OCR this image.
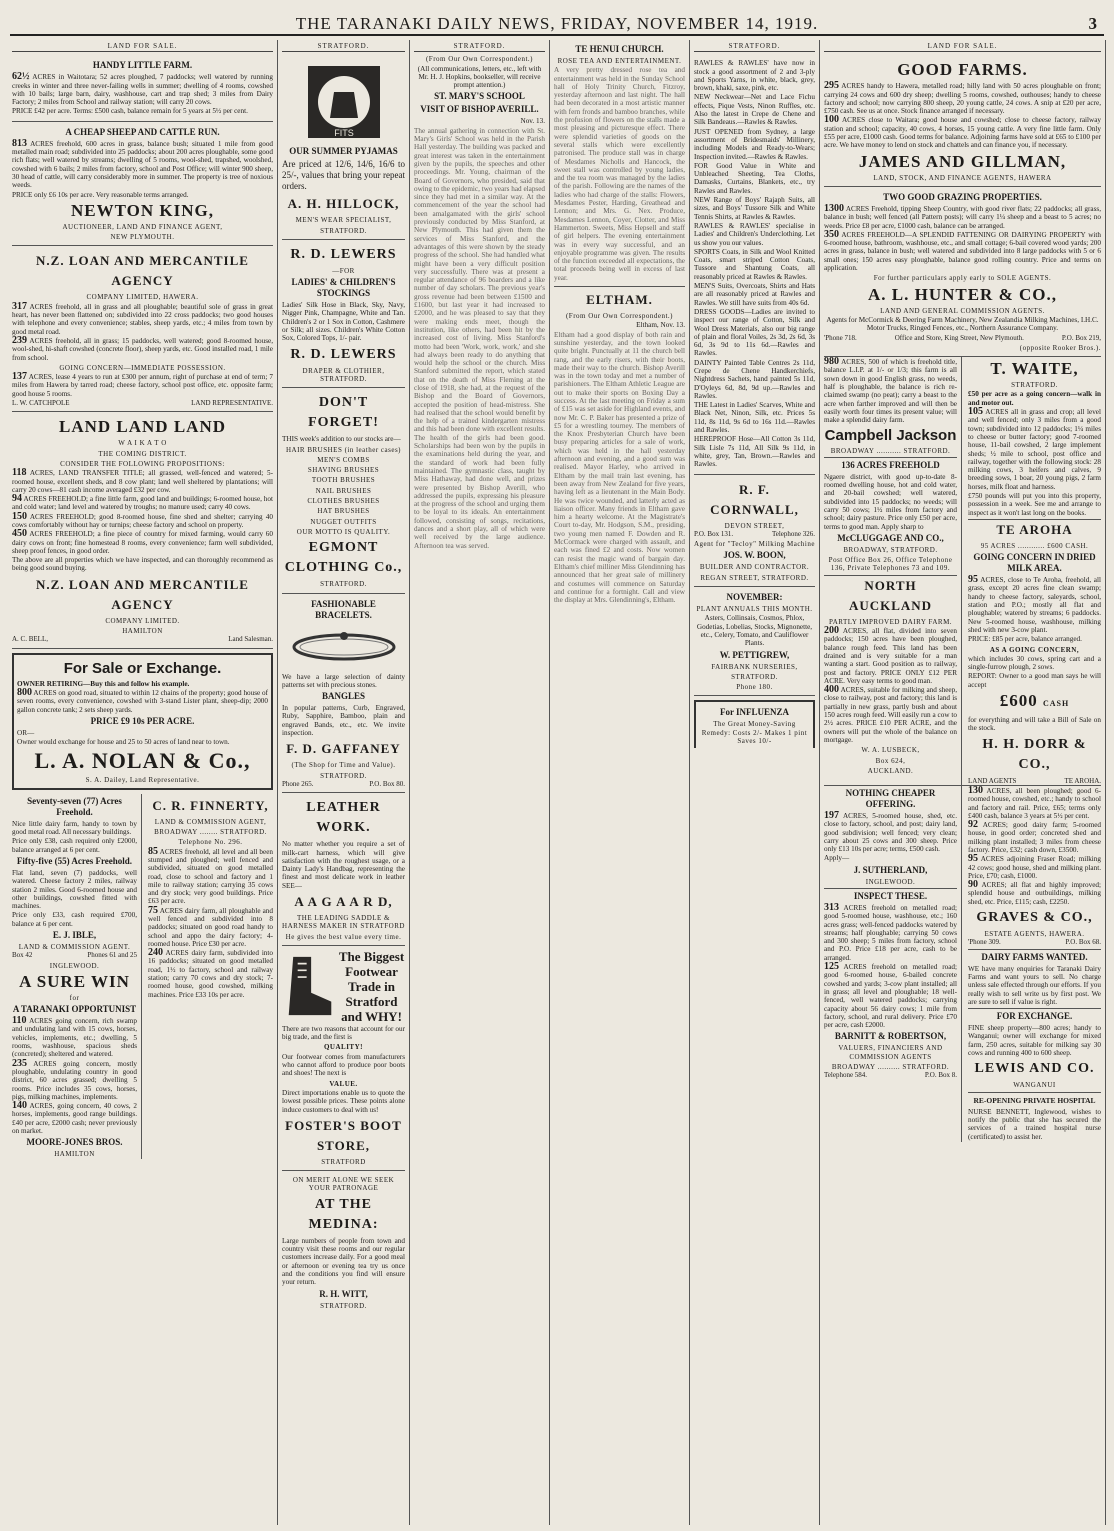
THE TARANAKI DAILY NEWS, FRIDAY, NOVEMBER 14, 1919.	3
LAND FOR SALE.
HANDY LITTLE FARM.
62½ ACRES in Waitotara; 52 acres ploughed, 7 paddocks; well watered by running creeks in winter and three never-failing wells in summer; dwelling of 4 rooms, cowshed with 10 bails; large barn, dairy, washhouse, cart and trap shed; 3 miles from Dairy Factory; 2 miles from School and railway station; will carry 20 cows.
PRICE £42 per acre. Terms: £500 cash, balance remain for 5 years at 5½ per cent.
A CHEAP SHEEP AND CATTLE RUN.
813 ACRES freehold, 600 acres in grass, balance bush; situated 1 mile from good metalled main road; subdivided into 25 paddocks; about 200 acres ploughable, some good rich flats; well watered by streams; dwelling of 5 rooms, wool-shed, trapshed, woolshed, cowshed with 6 bails; 2 miles from factory, school and Post Office; will winter 900 sheep, 30 head of cattle, will carry considerably more in summer. The property is tree of noxious weeds.
PRICE only £6 10s per acre. Very reasonable terms arranged.
NEWTON KING,
AUCTIONEER, LAND AND FINANCE AGENT,
NEW PLYMOUTH.
N.Z. LOAN AND MERCANTILE AGENCY
COMPANY LIMITED, HAWERA.
317 ACRES freehold, all in grass and all ploughable; beautiful sole of grass in great heart, has never been flattened on; subdivided into 22 cross paddocks; two good houses with telephone and every convenience; stables, sheep yards, etc.; 4 miles from town by good metal road.
239 ACRES freehold, all in grass; 15 paddocks, well watered; good 8-roomed house, wool-shed, hi-shaft cowshed (concrete floor), sheep yards, etc. Good installed road, 1 mile from school.
GOING CONCERN—IMMEDIATE POSSESSION.
137 ACRES, lease 4 years to run at £300 per annum, right of purchase at end of term; 7 miles from Hawera by tarred road; cheese factory, school post office, etc. opposite farm; good house 5 rooms.
L. W. CATCHPOLE	LAND REPRESENTATIVE.
LAND LAND LAND
W A I K A T O
THE COMING DISTRICT.
CONSIDER THE FOLLOWING PROPOSITIONS:
118 ACRES, LAND TRANSFER TITLE; all grassed, well-fenced and watered; 5-roomed house, excellent sheds, and 8 cow plant; land well sheltered by plantations; will carry 20 cows—81 cash income averaged £32 per cow.
94 ACRES FREEHOLD; a fine little farm, good land and buildings; 6-roomed house, hot and cold water; land level and watered by troughs; no manure used; carry 40 cows.
150 ACRES FREEHOLD; good 8-roomed house, fine shed and shelter; carrying 40 cows comfortably without hay or turnips; cheese factory and school on property.
450 ACRES FREEHOLD; a fine piece of country for mixed farming, would carry 60 dairy cows on front; fine homestead 8 rooms, every convenience; farm well subdivided, sheep proof fences, in good order.
The above are all properties which we have inspected, and can thoroughly recommend as being good sound buying.
N.Z. LOAN AND MERCANTILE AGENCY
COMPANY LIMITED.
HAMILTON
A. C. BELL,	Land Salesman.
For Sale or Exchange.
OWNER RETIRING—Buy this and follow his example.
800 ACRES on good road, situated to within 12 chains of the property; good house of seven rooms, every convenience, cowshed with 3-stand Lister plant, sheep-dip; 2000 gallon concrete tank; 2 sets sheep yards.
PRICE £9 10s PER ACRE.
OR—
Owner would exchange for house and 25 to 50 acres of land near to town.
L. A. NOLAN & Co.,
S. A. Dailey, Land Representative.
Seventy-seven (77) Acres Freehold.
Nice little dairy farm, handy to town by good metal road. All necessary buildings.
Price only £38, cash required only £2000, balance arranged at 6 per cent.
Fifty-five (55) Acres Freehold.
Flat land, seven (7) paddocks, well watered. Cheese factory 2 miles, railway station 2 miles. Good 6-roomed house and other buildings, cowshed fitted with machines.
Price only £33, cash required £700, balance at 6 per cent.
E. J. IBLE,
LAND & COMMISSION AGENT.
Box 42	Phones 61 and 25
INGLEWOOD.
A SURE WIN
for
A TARANAKI OPPORTUNIST
110 ACRES going concern, rich swamp and undulating land with 15 cows, horses, vehicles, implements, etc.; dwelling, 5 rooms, washhouse, spacious sheds (concreted); sheltered and watered.
235 ACRES going concern, mostly ploughable, undulating country in good district, 60 acres grassed; dwelling 5 rooms. Price includes 35 cows, horses, pigs, milking machines, implements.
140 ACRES, going concern, 40 cows, 2 horses, implements, good range buildings. £40 per acre, £2000 cash; never previously on market.
MOORE-JONES BROS.
HAMILTON
C. R. FINNERTY,
LAND & COMMISSION AGENT,
BROADWAY ........ STRATFORD.
Telephone No. 296.
85 ACRES freehold, all level and all been stumped and ploughed; well fenced and subdivided, situated on good metalled road, close to school and factory and 1 mile to railway station; carrying 35 cows and dry stock; very good buildings. Price £63 per acre.
75 ACRES dairy farm, all ploughable and well fenced and subdivided into 8 paddocks; situated on good road handy to school and appo the dairy factory; 4-roomed house. Price £30 per acre.
240 ACRES dairy farm, subdivided into 16 paddocks; situated on good metalled road, 1½ to factory, school and railway station; carry 70 cows and dry stock; 7-roomed house, good cowshed, milking machines. Price £33 10s per acre.
STRATFORD.
FITS
OUR SUMMER PYJAMAS
Are priced at 12/6, 14/6, 16/6 to 25/-, values that bring your repeat orders.
A. H. HILLOCK,
MEN'S WEAR SPECIALIST,
STRATFORD.
R. D. LEWERS
—FOR
LADIES' & CHILDREN'S STOCKINGS
Ladies' Silk Hose in Black, Sky, Navy, Nigger Pink, Champagne, White and Tan. Children's 2 or 1 Sox in Cotton, Cashmere or Silk; all sizes. Children's White Cotton Sox, Colored Tops, 1/- pair.
R. D. LEWERS
DRAPER & CLOTHIER, STRATFORD.
DON'T FORGET!
THIS week's addition to our stocks are—
HAIR BRUSHES (in leather cases)
MEN'S COMBS
SHAVING BRUSHES
TOOTH BRUSHES
NAIL BRUSHES
CLOTHES BRUSHES
HAT BRUSHES
NUGGET OUTFITS
OUR MOTTO IS QUALITY.
EGMONT CLOTHING Co.,
STRATFORD.
FASHIONABLE BRACELETS.
We have a large selection of dainty patterns set with precious stones.
BANGLES
In popular patterns, Curb, Engraved, Ruby, Sapphire, Bamboo, plain and engraved Bands, etc., etc. We invite inspection.
F. D. GAFFANEY
(The Shop for Time and Value).
STRATFORD.
Phone 265.	P.O. Box 80.
LEATHER WORK.
No matter whether you require a set of milk-cart harness, which will give satisfaction with the roughest usage, or a Dainty Lady's Handbag, representing the finest and most delicate work in leather SEE—
A A G A A R D,
THE LEADING SADDLE & HARNESS MAKER IN STRATFORD
He gives the best value every time.
The Biggest Footwear Trade in Stratford and WHY!
There are two reasons that account for our big trade, and the first is
QUALITY!
Our footwear comes from manufacturers who cannot afford to produce poor boots and shoes! The next is
VALUE.
Direct importations enable us to quote the lowest possible prices. These points alone induce customers to deal with us!
FOSTER'S BOOT STORE,
STRATFORD
ON MERIT ALONE WE SEEK YOUR PATRONAGE
AT THE MEDINA:
Large numbers of people from town and country visit these rooms and our regular customers increase daily. For a good meal or afternoon or evening tea try us once and the conditions you find will ensure your return.
R. H. WITT,
STRATFORD.
STRATFORD.
(From Our Own Correspondent.)
(All communications, letters, etc., left with Mr. H. J. Hopkins, bookseller, will receive prompt attention.)
ST. MARY'S SCHOOL
VISIT OF BISHOP AVERILL.
Nov. 13.
The annual gathering in connection with St. Mary's Girls' School was held in the Parish Hall yesterday. The building was packed and great interest was taken in the entertainment given by the pupils, the speeches and other proceedings. Mr. Young, chairman of the Board of Governors, who presided, said that owing to the epidemic, two years had elapsed since they had met in a similar way. At the commencement of the year the school had been amalgamated with the girls' school previously conducted by Miss Stanford, at New Plymouth. This had given them the services of Miss Stanford, and the advantages of this were shown by the steady progress of the school. She had handled what might have been a very difficult position very successfully. There was at present a regular attendance of 96 boarders and a like number of day scholars. The previous year's gross revenue had been between £1500 and £1600, but last year it had increased to £2000, and he was pleased to say that they were making ends meet, though the institution, like others, had been hit by the increased cost of living. Miss Stanford's motto had been 'Work, work, work,' and she had always been ready to do anything that would help the school or the church. Miss Stanford submitted the report, which stated that on the death of Miss Fleming at the close of 1918, she had, at the request of the Bishop and the Board of Governors, accepted the position of head-mistress. She had realised that the school would benefit by the help of a trained kindergarten mistress and this had been done with excellent results. The health of the girls had been good. Scholarships had been won by the pupils in the examinations held during the year, and the standard of work had been fully maintained. The gymnastic class, taught by Miss Hathaway, had done well, and prizes were presented by Bishop Averill, who addressed the pupils, expressing his pleasure at the progress of the school and urging them to be loyal to its ideals. An entertainment followed, consisting of songs, recitations, dances and a short play, all of which were well received by the large audience. Afternoon tea was served.
TE HENUI CHURCH.
ROSE TEA AND ENTERTAINMENT.
A very pretty dressed rose tea and entertainment was held in the Sunday School hall of Holy Trinity Church, Fitzroy, yesterday afternoon and last night. The hall had been decorated in a most artistic manner with fern fronds and bamboo branches, while the profusion of flowers on the stalls made a most pleasing and picturesque effect. There were splendid varieties of goods on the several stalls which were excellently patronised. The produce stall was in charge of Mesdames Nicholls and Hancock, the sweet stall was controlled by young ladies, and the tea room was managed by the ladies of the parish. Following are the names of the ladies who had charge of the stalls: Flowers, Mesdames Pester, Harding, Greathead and Lennon; and Mrs. G. Nex. Produce, Mesdames Lennon, Coyer, Clotter, and Miss Hammerton. Sweets, Miss Hepsell and staff of girl helpers. The evening entertainment was in every way successful, and an enjoyable programme was given. The results of the function exceeded all expectations, the total proceeds being well in excess of last year.
ELTHAM.
(From Our Own Correspondent.)
Eltham, Nov. 13.
Eltham had a good display of both rain and sunshine yesterday, and the town looked quite bright. Punctually at 11 the church bell rang, and the early risers, with their boots, made their way to the church. Bishop Averill was in the town today and met a number of parishioners. The Eltham Athletic League are out to make their sports on Boxing Day a success. At the last meeting on Friday a sum of £15 was set aside for Highland events, and now Mr. C. P. Baker has presented a prize of £5 for a wrestling tourney. The members of the Knox Presbyterian Church have been busy preparing articles for a sale of work, which was held in the hall yesterday afternoon and evening, and a good sum was realised. Mayor Harley, who arrived in Eltham by the mail train last evening, has been away from New Zealand for five years, having left as a lieutenant in the Main Body. He was twice wounded, and latterly acted as liaison officer. Many friends in Eltham gave him a hearty welcome. At the Magistrate's Court to-day, Mr. Hodgson, S.M., presiding, two young men named F. Dowden and R. McCormack were charged with assault, and each was fined £2 and costs. Now women can resist the magic wand of bargain day. Eltham's chief milliner Miss Glendinning has announced that her great sale of millinery and costumes will commence on Saturday and continue for a fortnight. Call and view the display at Mrs. Glendinning's, Eltham.
STRATFORD.
RAWLES & RAWLES' have now in stock a good assortment of 2 and 3-ply and Sports Yarns, in white, black, grey, brown, khaki, saxe, pink, etc.
NEW Neckwear—Net and Lace Fichu effects, Pique Vests, Ninon Ruffles, etc. Also the latest in Crepe de Chene and Silk Bandeaus.—Rawles & Rawles.
JUST OPENED from Sydney, a large assortment of Bridesmaids' Millinery, including Models and Ready-to-Wears; Inspection invited.—Rawles & Rawles.
FOR Good Value in White and Unbleached Sheeting, Tea Cloths, Damasks, Curtains, Blankets, etc., try Rawles and Rawles.
NEW Range of Boys' Rajaph Suits, all sizes, and Boys' Tussore Silk and White Tennis Shirts, at Rawles & Rawles.
RAWLES & RAWLES' specialise in Ladies' and Children's Underclothing. Let us show you our values.
SPORTS Coats, in Silk and Wool Knitted Coats, smart striped Cotton Coats, Tussore and Shantung Coats, all reasonably priced at Rawles & Rawles.
MEN'S Suits, Overcoats, Shirts and Hats are all reasonably priced at Rawles and Rawles. We still have suits from 40s 6d.
DRESS GOODS—Ladies are invited to inspect our range of Cotton, Silk and Wool Dress Materials, also our big range of plain and floral Voiles, 2s 3d, 2s 6d, 3s 6d, 3s 9d to 11s 6d.—Rawles and Rawles.
DAINTY Painted Table Centres 2s 11d, Crepe de Chene Handkerchiefs, Nightdress Sachets, hand painted 5s 11d, D'Oyleys 6d, 8d, 9d up.—Rawles and Rawles.
THE Latest in Ladies' Scarves, White and Black Net, Ninon, Silk, etc. Prices 5s 11d, 8s 11d, 9s 6d to 16s 11d.—Rawles and Rawles.
HEREPROOF Hose—All Cotton 3s 11d, Silk Lisle 7s 11d, All Silk 9s 11d, in white, grey, Tan, Brown.—Rawles and Rawles.
R. F. CORNWALL,
DEVON STREET,
P.O. Box 131.	Telephone 326.
Agent for "Tecloy" Milking Machine
JOS. W. BOON,
BUILDER AND CONTRACTOR.
REGAN STREET, STRATFORD.
NOVEMBER:
PLANT ANNUALS THIS MONTH.
Asters, Collinsais, Cosmos, Phlox, Godetias, Lobelias, Stocks, Mignonette, etc., Celery, Tomato, and Cauliflower Plants.
W. PETTIGREW,
FAIRBANK NURSERIES,
STRATFORD.
Phone 180.
For INFLUENZA
The Great Money-Saving Remedy: Costs 2/- Makes 1 pint Saves 10/-
LAND FOR SALE.
GOOD FARMS.
295 ACRES handy to Hawera, metalled road; hilly land with 50 acres ploughable on front; carrying 24 cows and 600 dry sheep; dwelling 5 rooms, cowshed, outhouses; handy to cheese factory and school; now carrying 800 sheep, 20 young cattle, 24 cows. A snip at £20 per acre, £750 cash. See us at once. Stock finance arranged if necessary.
100 ACRES close to Waitara; good house and cowshed; close to cheese factory, railway station and school; capacity, 40 cows, 4 horses, 15 young cattle. A very fine little farm. Only £55 per acre, £1000 cash. Good terms for balance. Adjoining farms have sold at £65 to £100 per acre. We have money to lend on stock and chattels and can finance you, if necessary.
JAMES AND GILLMAN,
LAND, STOCK, AND FINANCE AGENTS, HAWERA
TWO GOOD GRAZING PROPERTIES.
1300 ACRES Freehold, tipping Sheep Country, with good river flats; 22 paddocks; all grass, balance in bush; well fenced (all Pattern posts); will carry 1¼ sheep and a beast to 5 acres; no weeds. Price £8 per acre, £1000 cash, balance can be arranged.
350 ACRES FREEHOLD—A SPLENDID FATTENING OR DAIRYING PROPERTY with 6-roomed house, bathroom, washhouse, etc., and small cottage; 6-bail covered wood yards; 200 acres in grass, balance in bush; well watered and subdivided into 8 large paddocks with 5 or 6 small ones; 150 acres easy ploughable, balance good rolling country. Price and terms on application.
For further particulars apply early to SOLE AGENTS.
A. L. HUNTER & CO.,
LAND AND GENERAL COMMISSION AGENTS.
Agents for McCormick & Deering Farm Machinery, New Zealandia Milking Machines, I.H.C. Motor Trucks, Ringed Fences, etc., Northern Assurance Company.
'Phone 718.	Office and Store, King Street, New Plymouth.	P.O. Box 219,
(opposite Rooker Bros.).
980 ACRES, 500 of which is freehold title, balance L.I.P. at 1/- or 1/3; this farm is all sown down in good English grass, no weeds, half is ploughable, the balance is rich re-claimed swamp (no peat); carry a beast to the acre when farther improved and will then be easily worth four times its present value; will make a splendid dairy farm.
Campbell Jackson
BROADWAY ........... STRATFORD.
136 ACRES FREEHOLD
Ngaere district, with good up-to-date 8-roomed dwelling house, hot and cold water, and 20-bail cowshed; well watered, subdivided into 15 paddocks; no weeds; will carry 50 cows; 1½ miles from factory and school; dairy pasture. Price only £50 per acre, terms to good man. Apply sharp to
McCLUGGAGE AND CO.,
BROADWAY, STRATFORD.
Post Office Box 26, Office Telephone 136, Private Telephones 73 and 109.
NORTH AUCKLAND
PARTLY IMPROVED DAIRY FARM.
200 ACRES, all flat, divided into seven paddocks; 150 acres have been ploughed, balance rough feed. This land has been drained and is very suitable for a man wanting a start. Good position as to railway, post and factory. PRICE ONLY £12 PER ACRE. Very easy terms to good man.
400 ACRES, suitable for milking and sheep, close to railway, post and factory; this land is partially in new grass, partly bush and about 150 acres rough feed. Will easily run a cow to 2½ acres. PRICE £10 PER ACRE, and the owners will put the whole of the balance on mortgage.
W. A. LUSBECK,
Box 624,
AUCKLAND.
T. WAITE,
STRATFORD.
£50 per acre as a going concern—walk in and motor out.
105 ACRES all in grass and crop; all level and well fenced; only 3 miles from a good town; subdivided into 12 paddocks; 1¼ miles to cheese or butter factory; good 7-roomed house, 11-bail cowshed, 2 large implement sheds; ½ mile to school, post office and railway, together with the following stock: 28 milking cows, 3 heifers and calves, 9 breeding sows, 1 boar, 20 young pigs, 2 farm horses, milk float and harness.
£750 pounds will put you into this property, possession in a week. See me and arrange to inspect as it won't last long on the books.
TE AROHA
95 ACRES ............ £600 CASH.
GOING CONCERN IN DRIED MILK AREA.
95 ACRES, close to Te Aroha, freehold, all grass, except 20 acres fine clean swamp; handy to cheese factory, saleyards, school, station and P.O.; mostly all flat and ploughable; watered by streams; 6 paddocks. New 5-roomed house, washhouse, milking shed with new 3-cow plant.
PRICE: £85 per acre, balance arranged.
AS A GOING CONCERN,
which includes 30 cows, spring cart and a single-furrow plough, 2 sows.
REPORT: Owner to a good man says he will accept
£600 CASH
for everything and will take a Bill of Sale on the stock.
H. H. DORR & CO.,
LAND AGENTS	TE AROHA.
NOTHING CHEAPER OFFERING.
197 ACRES, 5-roomed house, shed, etc. close to factory, school, and post; dairy land, good subdivision; well fenced; very clean; carry about 25 cows and 300 sheep. Price only £13 10s per acre; terms, £500 cash.
Apply—
J. SUTHERLAND,
INGLEWOOD.
INSPECT THESE.
313 ACRES freehold on metalled road; good 5-roomed house, washhouse, etc.; 160 acres grass; well-fenced paddocks watered by streams; half ploughable; carrying 50 cows and 300 sheep; 5 miles from factory, school and P.O. Price £18 per acre, cash to be arranged.
125 ACRES freehold on metalled road; good 6-roomed house, 6-bailed concrete cowshed and yards; 3-cow plant installed; all in grass; all level and ploughable; 18 well-fenced, well watered paddocks; carrying capacity about 56 dairy cows; 1 mile from factory, school, and rural delivery. Price £70 per acre, cash £2000.
BARNITT & ROBERTSON,
VALUERS, FINANCIERS AND COMMISSION AGENTS
BROADWAY .......... STRATFORD.
Telephone 584.	P.O. Box 8.
130 ACRES, all been ploughed; good 6-roomed house, cowshed, etc.; handy to school and factory and rail. Price, £65; terms only £400 cash, balance 3 years at 5½ per cent.
92 ACRES; good dairy farm; 5-roomed house, in good order; concreted shed and milking plant installed; 3 miles from cheese factory. Price, £32; cash down, £3500.
95 ACRES adjoining Fraser Road; milking 42 cows; good house, shed and milking plant. Price, £70; cash, £1000.
90 ACRES; all flat and highly improved; splendid house and outbuildings, milking shed, etc. Price, £115; cash, £2250.
GRAVES & CO.,
ESTATE AGENTS, HAWERA.
'Phone 309.	P.O. Box 68.
DAIRY FARMS WANTED.
WE have many enquiries for Taranaki Dairy Farms and want yours to sell. No charge unless sale effected through our efforts. If you really wish to sell write us by first post. We are sure to sell if value is right.
FOR EXCHANGE.
FINE sheep property—800 acres; handy to Wanganui; owner will exchange for mixed farm, 250 acres, suitable for milking say 30 cows and running 400 to 600 sheep.
LEWIS AND CO.
WANGANUI
RE-OPENING PRIVATE HOSPITAL
NURSE BENNETT, Inglewood, wishes to notify the public that she has secured the services of a trained hospital nurse (certificated) to assist her.
